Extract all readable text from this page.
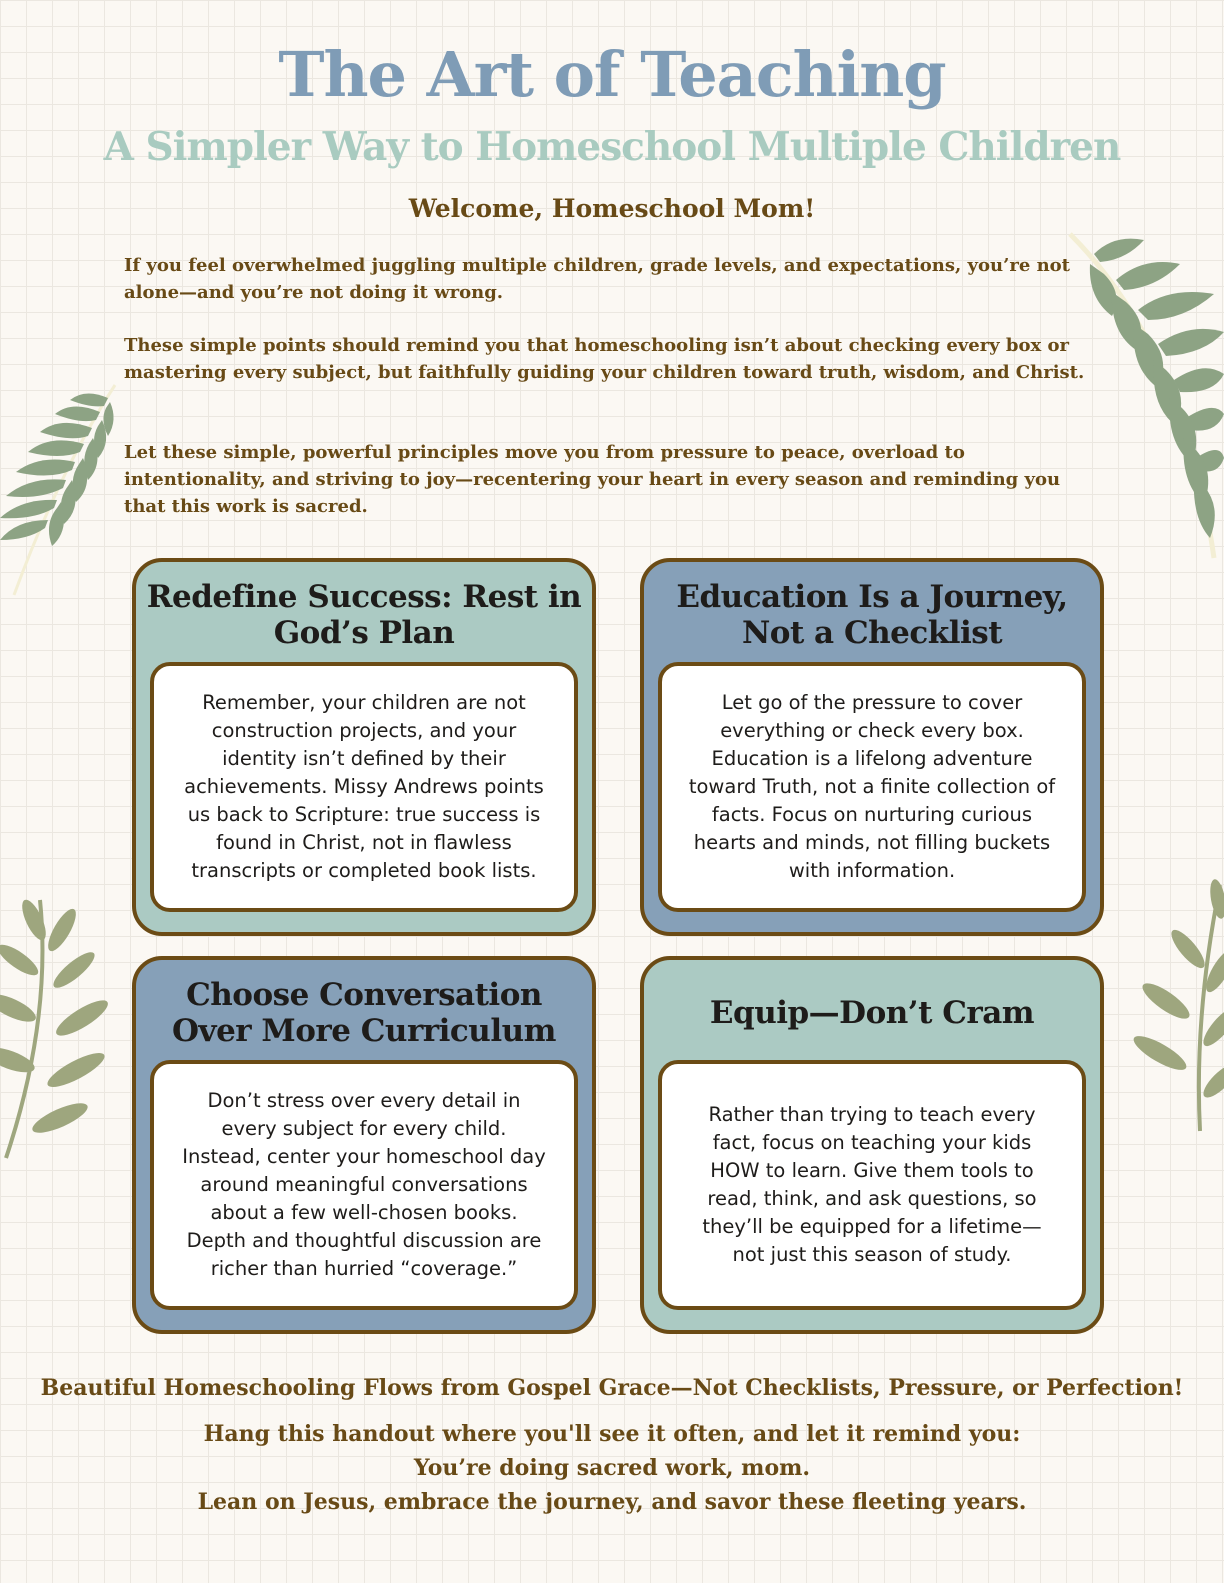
The Art of Teaching
A Simpler Way to Homeschool Multiple Children
Welcome, Homeschool Mom!

If you feel overwhelmed juggling multiple children, grade levels, and expectations, you’re not alone—and you’re not doing it wrong.

These simple points should remind you that homeschooling isn’t about checking every box or mastering every subject, but faithfully guiding your children toward truth, wisdom, and Christ.

Let these simple, powerful principles move you from pressure to peace, overload to intentionality, and striving to joy—recentering your heart in every season and reminding you that this work is sacred.

Redefine Success: Rest in God’s Plan
Remember, your children are not construction projects, and your identity isn’t defined by their achievements. Missy Andrews points us back to Scripture: true success is found in Christ, not in flawless transcripts or completed book lists.
Education Is a Journey, Not a Checklist
Let go of the pressure to cover everything or check every box. Education is a lifelong adventure toward Truth, not a finite collection of facts. Focus on nurturing curious hearts and minds, not filling buckets with information.
Choose Conversation Over More Curriculum
Don’t stress over every detail in every subject for every child. Instead, center your homeschool day around meaningful conversations about a few well-chosen books. Depth and thoughtful discussion are richer than hurried “coverage.”
Equip—Don’t Cram
Rather than trying to teach every fact, focus on teaching your kids HOW to learn. Give them tools to read, think, and ask questions, so they’ll be equipped for a lifetime—not just this season of study.
Beautiful Homeschooling Flows from Gospel Grace—Not Checklists, Pressure, or Perfection!
Hang this handout where you'll see it often, and let it remind you:
You’re doing sacred work, mom.
Lean on Jesus, embrace the journey, and savor these fleeting years.
